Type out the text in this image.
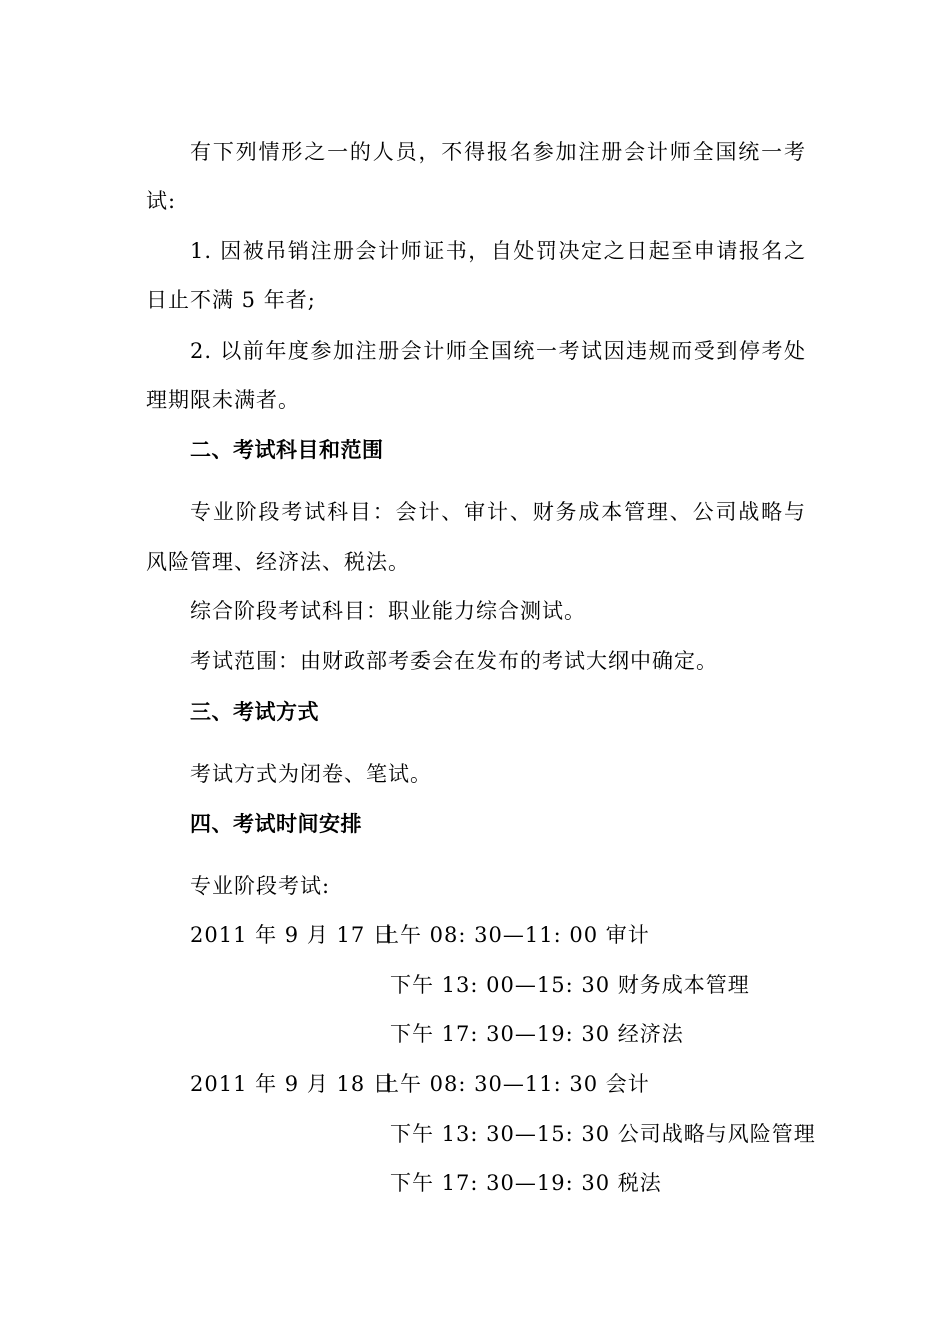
有下列情形之一的人员，不得报名参加注册会计师全国统一考
试:
1. 因被吊销注册会计师证书，自处罚决定之日起至申请报名之
日止不满 5 年者;
2. 以前年度参加注册会计师全国统一考试因违规而受到停考处
理期限未满者。
二、考试科目和范围
专业阶段考试科目：会计、审计、财务成本管理、公司战略与
风险管理、经济法、税法。
综合阶段考试科目：职业能力综合测试。
考试范围：由财政部考委会在发布的考试大纲中确定。
三、考试方式
考试方式为闭卷、笔试。
四、考试时间安排
专业阶段考试:
2011 年 9 月 17 日
上午 08: 30—11: 00 审计
下午 13: 00—15: 30 财务成本管理
下午 17: 30—19: 30 经济法
2011 年 9 月 18 日
上午 08: 30—11: 30 会计
下午 13: 30—15: 30 公司战略与风险管理
下午 17: 30—19: 30 税法
